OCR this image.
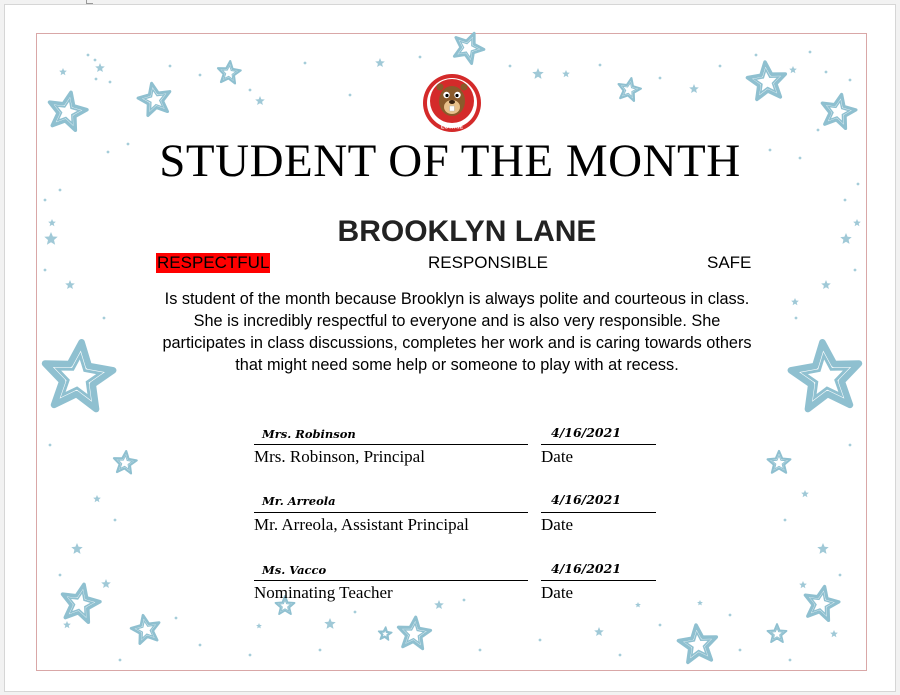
LOWRIE
STUDENT OF THE MONTH
BROOKLYN LANE
RESPECTFUL	RESPONSIBLE	SAFE
Is student of the month because Brooklyn is always polite and courteous in class. She is incredibly respectful to everyone and is also very responsible. She participates in class discussions, completes her work and is caring towards others that might need some help or someone to play with at recess.
Mrs. Robinson	4/16/2021
Mrs. Robinson, Principal	Date
Mr. Arreola	4/16/2021
Mr. Arreola, Assistant Principal	Date
Ms. Vacco	4/16/2021
Nominating Teacher	Date
